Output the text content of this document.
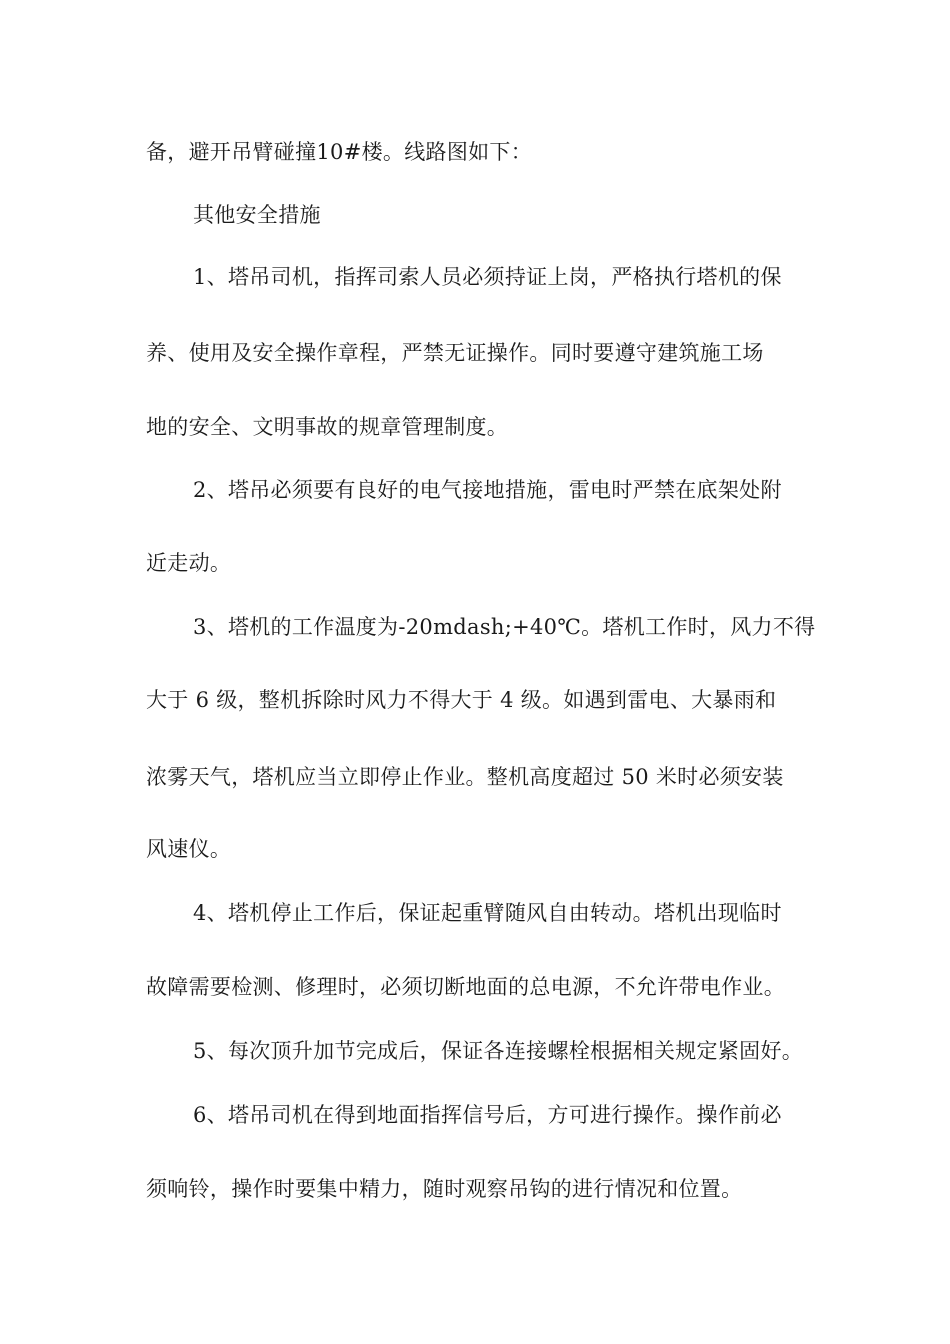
备，避开吊臂碰撞10#楼。线路图如下：

其他安全措施

1、塔吊司机，指挥司索人员必须持证上岗，严格执行塔机的保

养、使用及安全操作章程，严禁无证操作。同时要遵守建筑施工场

地的安全、文明事故的规章管理制度。

2、塔吊必须要有良好的电气接地措施，雷电时严禁在底架处附

近走动。

3、塔机的工作温度为-20mdash;+40℃。塔机工作时，风力不得

大于 6 级，整机拆除时风力不得大于 4 级。如遇到雷电、大暴雨和

浓雾天气，塔机应当立即停止作业。整机高度超过 50 米时必须安装

风速仪。

4、塔机停止工作后，保证起重臂随风自由转动。塔机出现临时

故障需要检测、修理时，必须切断地面的总电源，不允许带电作业。

5、每次顶升加节完成后，保证各连接螺栓根据相关规定紧固好。

6、塔吊司机在得到地面指挥信号后，方可进行操作。操作前必

须响铃，操作时要集中精力，随时观察吊钩的进行情况和位置。
